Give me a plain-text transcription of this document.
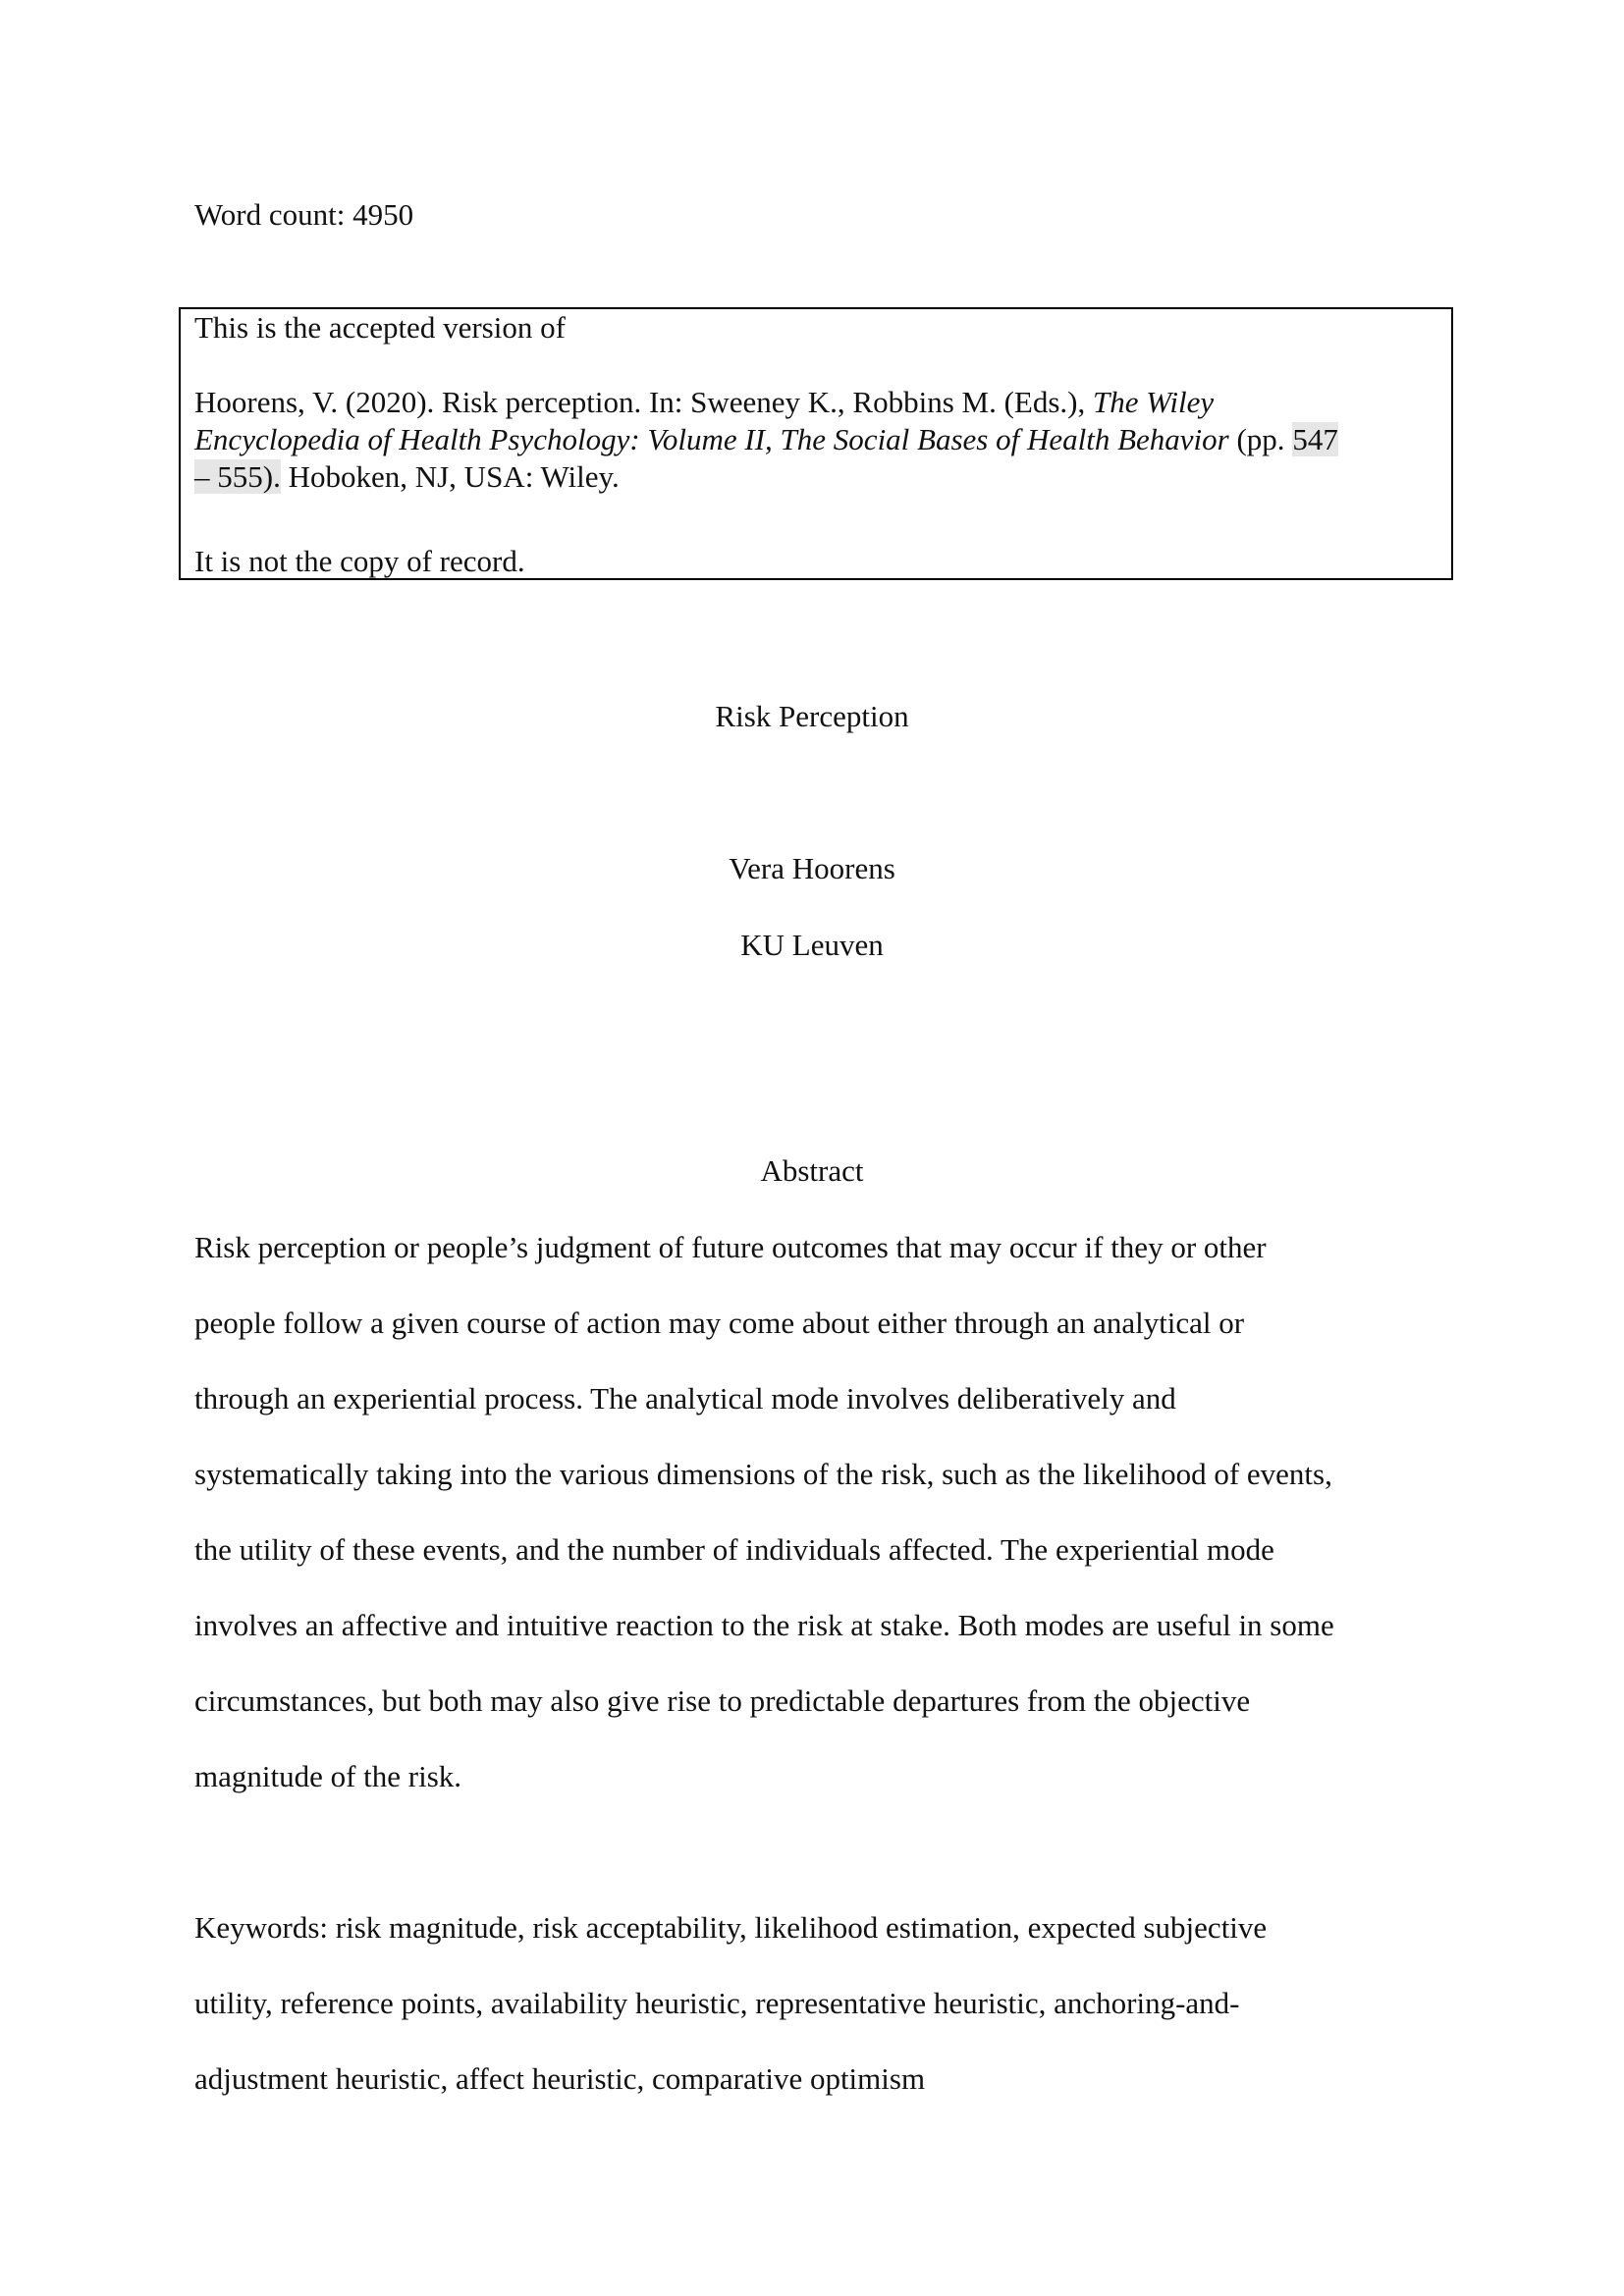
Word count: 4950
This is the accepted version of
Hoorens, V. (2020). Risk perception. In: Sweeney K., Robbins M. (Eds.), The Wiley
Encyclopedia of Health Psychology: Volume II, The Social Bases of Health Behavior (pp. 547
– 555). Hoboken, NJ, USA: Wiley.
It is not the copy of record.
Risk Perception
Vera Hoorens
KU Leuven
Abstract
Risk perception or people’s judgment of future outcomes that may occur if they or other
people follow a given course of action may come about either through an analytical or
through an experiential process. The analytical mode involves deliberatively and
systematically taking into the various dimensions of the risk, such as the likelihood of events,
the utility of these events, and the number of individuals affected. The experiential mode
involves an affective and intuitive reaction to the risk at stake. Both modes are useful in some
circumstances, but both may also give rise to predictable departures from the objective
magnitude of the risk.
Keywords: risk magnitude, risk acceptability, likelihood estimation, expected subjective
utility, reference points, availability heuristic, representative heuristic, anchoring-and-
adjustment heuristic, affect heuristic, comparative optimism
